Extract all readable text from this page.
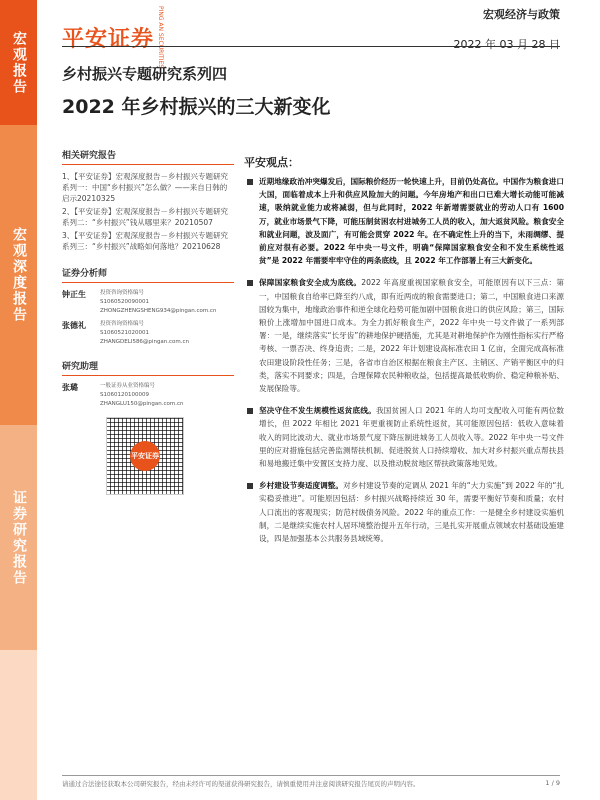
宏观报告
宏观深度报告
证券研究报告
平安证券 PING AN SECURITIES	宏观经济与政策
2022 年 03 月 28 日
乡村振兴专题研究系列四
2022 年乡村振兴的三大新变化
相关研究报告
1、【平安证券】宏观深度报告－乡村振兴专题研究系列一：中国“乡村振兴”怎么做？——来自日韩的启示20210325
2、【平安证券】宏观深度报告－乡村振兴专题研究系列二：“乡村振兴”钱从哪里来？20210507
3、【平安证券】宏观深度报告－乡村振兴专题研究系列三：“乡村振兴”战略如何落地？20210628
证券分析师
钟正生	投资咨询资格编号
S1060520090001
ZHONGZHENGSHENG934@pingan.com.cn
张德礼	投资咨询资格编号
S1060521020001
ZHANGDELI586@pingan.com.cn
研究助理
张璐	一般证券从业资格编号
S1060120100009
ZHANGLU150@pingan.com.cn
平安证券
平安观点：
近期地缘政治冲突爆发后，国际粮价经历一轮快速上升，目前仍处高位。中国作为粮食进口大国，面临着成本上升和供应风险加大的问题。今年房地产和出口已难大增长动能可能减速，吸纳就业能力或将减弱，但与此同时，2022 年新增需要就业的劳动人口有 1600 万，就业市场景气下降，可能压制贫困农村进城务工人员的收入，加大返贫风险。粮食安全和就业问题，波及面广，有可能会贯穿 2022 年。在不确定性上升的当下，未雨绸缪、提前应对很有必要。2022 年中央一号文件，明确“保障国家粮食安全和不发生系统性返贫”是 2022 年需要牢牢守住的两条底线，且 2022 年工作部署上有三大新变化。
保障国家粮食安全成为底线。2022 年高度重视国家粮食安全，可能原因有以下三点：第一，中国粮食自给率已降至约八成，即有近两成的粮食需要进口；第二，中国粮食进口来源国较为集中，地缘政治事件和逆全球化趋势可能加剧中国粮食进口的供应风险；第三，国际粮价上涨增加中国进口成本。为全力抓好粮食生产，2022 年中央一号文件做了一系列部署：一是，继续落实“长牙齿”的耕地保护硬措施，尤其是对耕地保护作为刚性指标实行严格考核、一票否决、终身追责；二是，2022 年计划建设高标准农田 1 亿亩，全面完成高标准农田建设阶段性任务；三是，各省市自治区根据在粮食主产区、主销区、产销平衡区中的归类，落实不同要求；四是，合理保障农民种粮收益，包括提高最低收购价、稳定种粮补贴、发展保险等。
坚决守住不发生规模性返贫底线。我国贫困人口 2021 年的人均可支配收入可能有两位数增长，但 2022 年相比 2021 年更重视防止系统性返贫，其可能原因包括：低收入意味着收入的同比波动大、就业市场景气度下降压制进城务工人员收入等。2022 年中央一号文件里的应对措施包括完善监测帮扶机制、促进脱贫人口持续增收、加大对乡村振兴重点帮扶县和易地搬迁集中安置区支持力度、以及推动脱贫地区帮扶政策落地见效。
乡村建设节奏适度调整。对乡村建设节奏的定调从 2021 年的“大力实施”到 2022 年的“扎实稳妥推进”。可能原因包括：乡村振兴战略持续近 30 年，需要平衡好节奏和质量；农村人口流出的客观现实；防范村级债务风险。2022 年的重点工作：一是健全乡村建设实施机制，二是继续实施农村人居环境整治提升五年行动，三是扎实开展重点领域农村基础设施建设，四是加强基本公共服务县域统筹。
请通过合法途径获取本公司研究报告，经由未经许可的渠道获得研究报告，请慎重使用并注意阅读研究报告尾页的声明内容。	1 / 9
